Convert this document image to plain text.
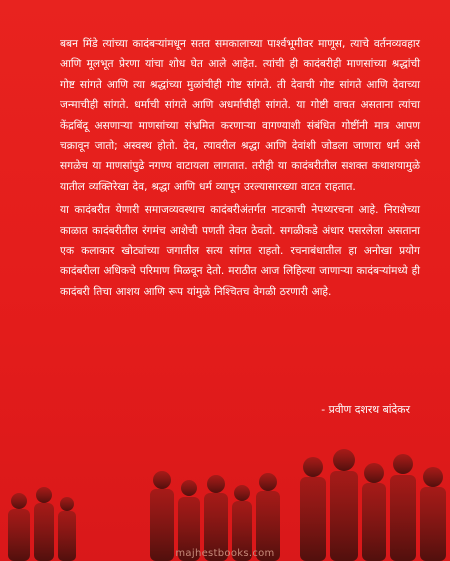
बबन मिंडे त्यांच्या कादंबऱ्यांमधून सतत समकालाच्या पार्श्वभूमीवर माणूस, त्याचे वर्तनव्यवहार आणि मूलभूत प्रेरणा यांचा शोध घेत आले आहेत. त्यांची ही कादंबरीही माणसांच्या श्रद्धांची गोष्ट सांगते आणि त्या श्रद्धांच्या मुळांचीही गोष्ट सांगते. ती देवाची गोष्ट सांगते आणि देवाच्या जन्माचीही सांगते. धर्माची सांगते आणि अधर्माचीही सांगते. या गोष्टी वाचत असताना त्यांचा केंद्रबिंदू असणाऱ्या माणसांच्या संभ्रमित करणाऱ्या वागण्याशी संबंधित गोष्टींनी मात्र आपण चक्रावून जातो; अस्वस्थ होतो. देव, त्यावरील श्रद्धा आणि देवांशी जोडला जाणारा धर्म असे सगळेच या माणसांपुढे नगण्य वाटायला लागतात. तरीही या कादंबरीतील सशक्त कथाशयामुळे यातील व्यक्तिरेखा देव, श्रद्धा आणि धर्म व्यापून उरल्यासारख्या वाटत राहतात.

या कादंबरीत येणारी समाजव्यवस्थाच कादंबरीअंतर्गत नाटकाची नेपथ्यरचना आहे. निराशेच्या काळात कादंबरीतील रंगमंच आशेची पणती तेवत ठेवतो. सगळीकडे अंधार पसरलेला असताना एक कलाकार खोट्यांच्या जगातील सत्य सांगत राहतो. रचनाबंधातील हा अनोखा प्रयोग कादंबरीला अधिकचे परिमाण मिळवून देतो. मराठीत आज लिहिल्या जाणाऱ्या कादंबऱ्यांमध्ये ही कादंबरी तिचा आशय आणि रूप यांमुळे निश्चितच वेगळी ठरणारी आहे.

- प्रवीण दशरथ बांदेकर
majhestbooks.com
